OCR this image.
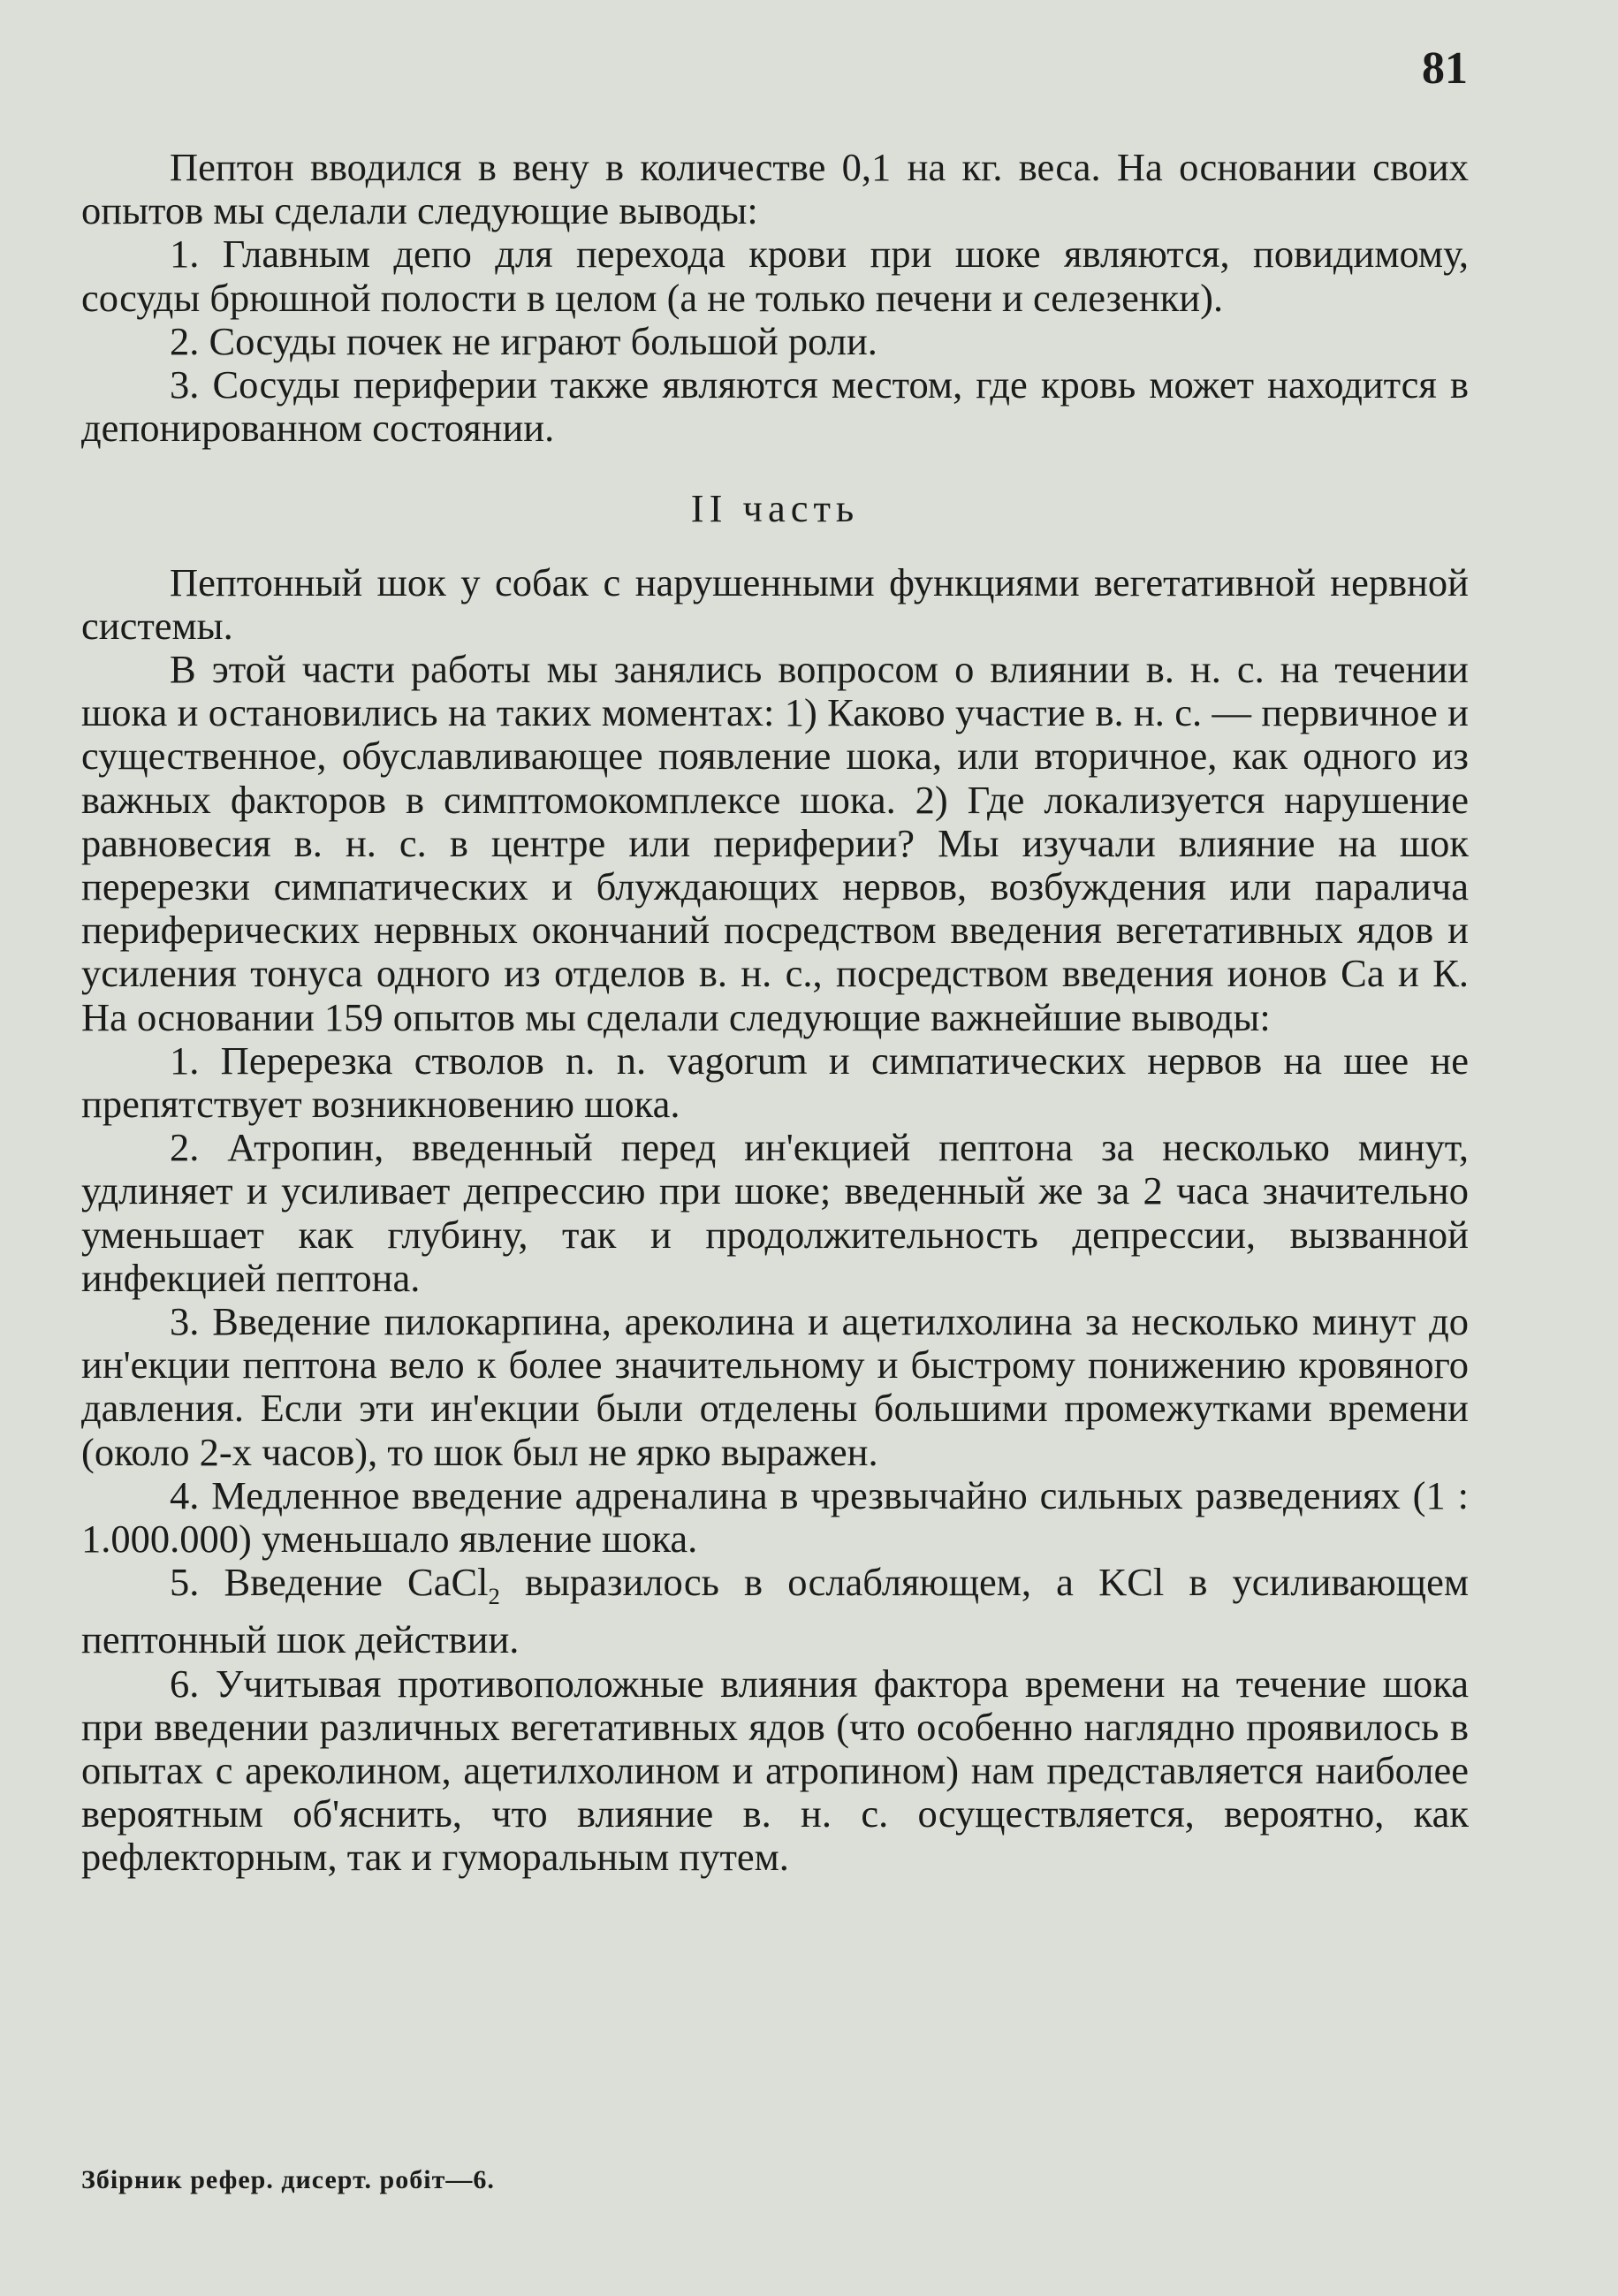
81

Пептон вводился в вену в количестве 0,1 на кг. веса. На основании своих опытов мы сделали следующие выводы:

1. Главным депо для перехода крови при шоке являются, повидимому, сосуды брюшной полости в целом (а не только печени и селезенки).

2. Сосуды почек не играют большой роли.

3. Сосуды периферии также являются местом, где кровь может находится в депонированном состоянии.

II часть

Пептонный шок у собак с нарушенными функциями вегетативной нервной системы.

В этой части работы мы занялись вопросом о влиянии в. н. с. на течении шока и остановились на таких моментах: 1) Каково участие в. н. с. — первичное и существенное, обуславливающее появление шока, или вторичное, как одного из важных факторов в симптомокомплексе шока. 2) Где локализуется нарушение равновесия в. н. с. в центре или периферии? Мы изучали влияние на шок перерезки симпатических и блуждающих нервов, возбуждения или паралича периферических нервных окончаний посредством введения вегетативных ядов и усиления тонуса одного из отделов в. н. с., посредством введения ионов Са и К. На основании 159 опытов мы сделали следующие важнейшие выводы:

1. Перерезка стволов n. n. vagorum и симпатических нервов на шее не препятствует возникновению шока.

2. Атропин, введенный перед ин'екцией пептона за несколько минут, удлиняет и усиливает депрессию при шоке; введенный же за 2 часа значительно уменьшает как глубину, так и продолжительность депрессии, вызванной инфекцией пептона.

3. Введение пилокарпина, ареколина и ацетилхолина за несколько минут до ин'екции пептона вело к более значительному и быстрому понижению кровяного давления. Если эти ин'екции были отделены большими промежутками времени (около 2-х часов), то шок был не ярко выражен.

4. Медленное введение адреналина в чрезвычайно сильных разведениях (1 : 1.000.000) уменьшало явление шока.

5. Введение CaCl$_2$ выразилось в ослабляющем, а KCl в усиливающем пептонный шок действии.

6. Учитывая противоположные влияния фактора времени на течение шока при введении различных вегетативных ядов (что особенно наглядно проявилось в опытах с ареколином, ацетилхолином и атропином) нам представляется наиболее вероятным об'яснить, что влияние в. н. с. осуществляется, вероятно, как рефлекторным, так и гуморальным путем.

Збірник рефер. дисерт. робіт—6.
